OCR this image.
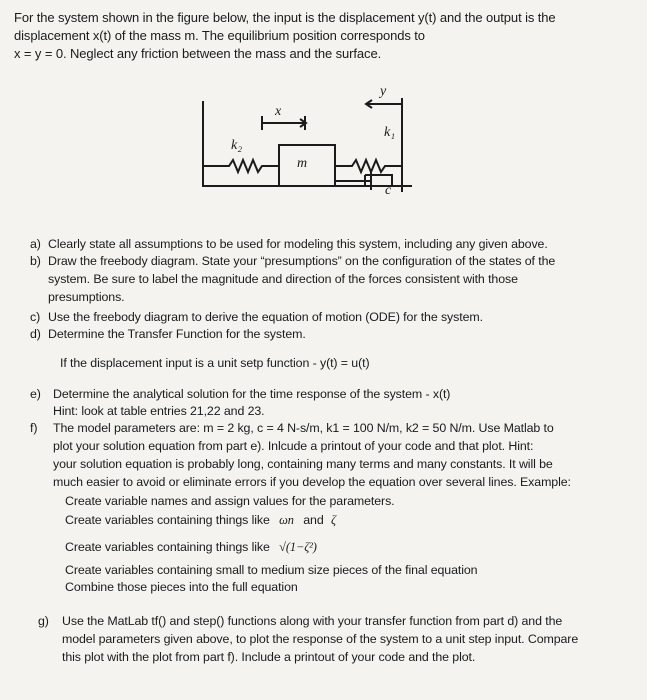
For the system shown in the figure below, the input is the displacement y(t) and the output is the
displacement x(t) of the mass m. The equilibrium position corresponds to
x = y = 0. Neglect any friction between the mass and the surface.
x
y
k₁
k₂
m
c
a) Clearly state all assumptions to be used for modeling this system, including any given above.
b) Draw the freebody diagram. State your “presumptions” on the configuration of the states of the
system. Be sure to label the magnitude and direction of the forces consistent with those
presumptions.
c) Use the freebody diagram to derive the equation of motion (ODE) for the system.
d) Determine the Transfer Function for the system.
If the displacement input is a unit setp function - y(t) = u(t)
e) Determine the analytical solution for the time response of the system - x(t)
Hint: look at table entries 21,22 and 23.
f) The model parameters are: m = 2 kg, c = 4 N-s/m, k1 = 100 N/m, k2 = 50 N/m. Use Matlab to
plot your solution equation from part e). Inlcude a printout of your code and that plot. Hint:
your solution equation is probably long, containing many terms and many constants. It will be
much easier to avoid or eliminate errors if you develop the equation over several lines. Example:
Create variable names and assign values for the parameters.
Create variables containing things like ωn and ζ
Create variables containing things like √(1−ζ²)
Create variables containing small to medium size pieces of the final equation
Combine those pieces into the full equation
g) Use the MatLab tf() and step() functions along with your transfer function from part d) and the
model parameters given above, to plot the response of the system to a unit step input. Compare
this plot with the plot from part f). Include a printout of your code and the plot.
